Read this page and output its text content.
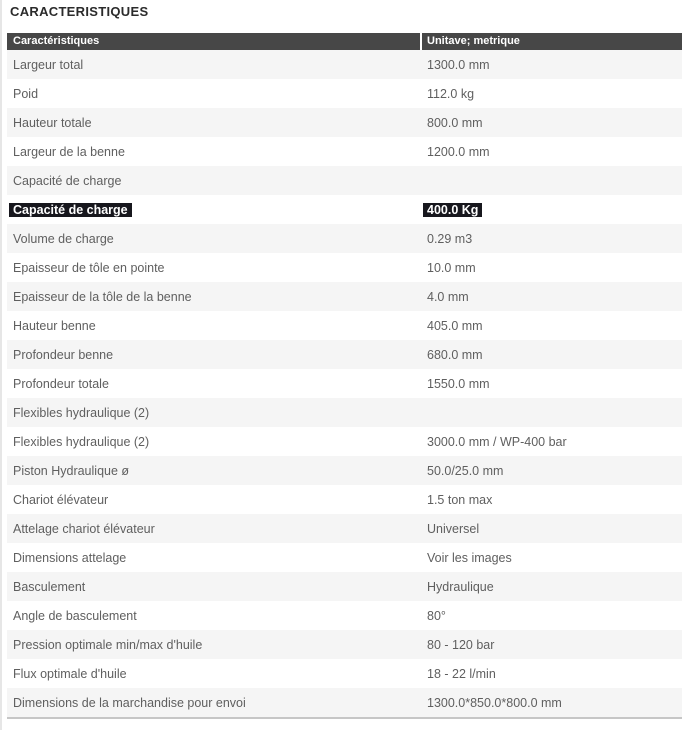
CARACTERISTIQUES
Caractéristiques	Unitave; metrique
Largeur total	1300.0 mm
Poid	112.0 kg
Hauteur totale	800.0 mm
Largeur de la benne	1200.0 mm
Capacité de charge
Capacité de charge	400.0 Kg
Volume de charge	0.29 m3
Epaisseur de tôle en pointe	10.0 mm
Epaisseur de la tôle de la benne	4.0 mm
Hauteur benne	405.0 mm
Profondeur benne	680.0 mm
Profondeur totale	1550.0 mm
Flexibles hydraulique (2)
Flexibles hydraulique (2)	3000.0 mm / WP-400 bar
Piston Hydraulique ø	50.0/25.0 mm
Chariot élévateur	1.5 ton max
Attelage chariot élévateur	Universel
Dimensions attelage	Voir les images
Basculement	Hydraulique
Angle de basculement	80°
Pression optimale min/max d'huile	80 - 120 bar
Flux optimale d'huile	18 - 22 l/min
Dimensions de la marchandise pour envoi	1300.0*850.0*800.0 mm
